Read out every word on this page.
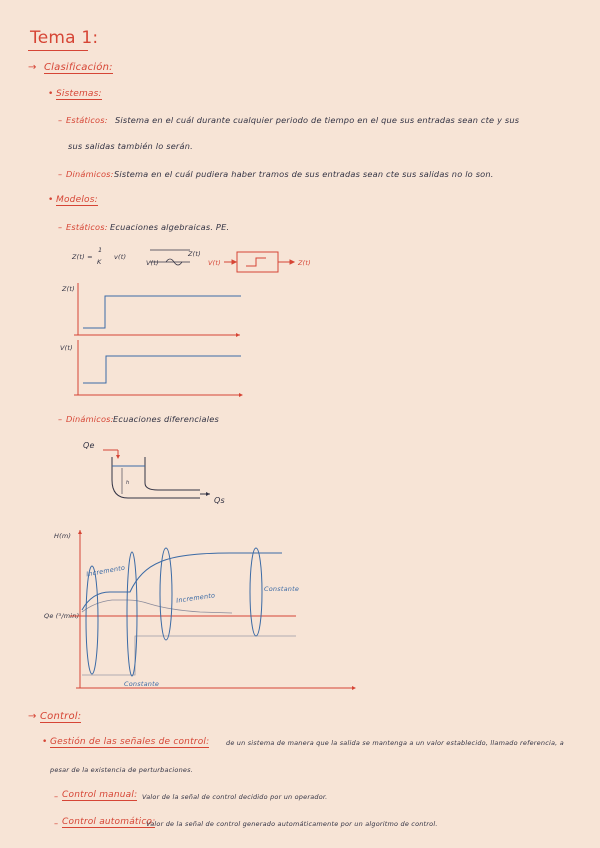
Tema 1:
→ Clasificación:
• Sistemas:
– Estáticos: Sistema en el cuál durante cualquier periodo de tiempo en el que sus entradas sean cte y sus
sus salidas también lo serán.
– Dinámicos: Sistema en el cuál pudiera haber tramos de sus entradas sean cte sus salidas no lo son.
• Modelos:
– Estáticos: Ecuaciones algebraicas. PE.
Z(t) =
1
K
v(t)
V(t)
Z(t)
V(t)	Z(t)
Z(t)
V(t)
– Dinámicos: Ecuaciones diferenciales
Qe
Qs
h
H(m)
Qe (³/min)
Incremento
Incremento
Constante
Constante
→ Control:
• Gestión de las señales de control:	de un sistema de manera que la salida se mantenga a un valor establecido, llamado referencia, a
pesar de la existencia de perturbaciones.
– Control manual: Valor de la señal de control decidido por un operador.
– Control automático:
Valor de la señal de control generado automáticamente por un algoritmo de control.
